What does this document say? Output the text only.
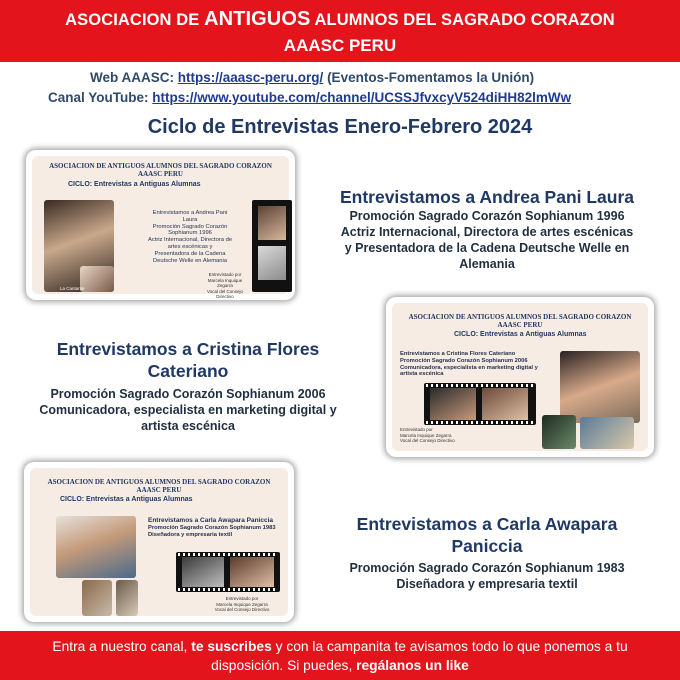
ASOCIACION DE ANTIGUOS ALUMNOS DEL SAGRADO CORAZON
AAASC PERU
Web AAASC: https://aaasc-peru.org/ (Eventos-Fomentamos la Unión)
Canal YouTube: https://www.youtube.com/channel/UCSSJfvxcyV524diHH82lmWw
Ciclo de Entrevistas Enero-Febrero 2024
ASOCIACION DE ANTIGUOS ALUMNOS DEL SAGRADO CORAZON
AAASC PERU
CICLO: Entrevistas a Antiguas Alumnas
La Cantante
Entrevistamos a Andrea Pani
Laura
Promoción Sagrado Corazón
Sophianum 1996
Actriz Internacional, Directora de
artes escénicas y
Presentadora de la Cadena
Deutsche Welle en Alemania
Entrevistado por
Marcela Inquique Zegarra
Vocal del Consejo Directivo
Entrevistamos a Andrea Pani Laura
Promoción Sagrado Corazón Sophianum 1996
Actriz Internacional, Directora de artes escénicas
y Presentadora de la Cadena Deutsche Welle en
Alemania
ASOCIACION DE ANTIGUOS ALUMNOS DEL SAGRADO CORAZON
AAASC PERU
CICLO: Entrevistas a Antiguas Alumnas
Entrevistamos a Cristina Flores Cateriano
Promoción Sagrado Corazón Sophianum 2006
Comunicadora, especialista en marketing digital y
artista escénica
Entrevistado por
Marcela Inquique Zegarra
Vocal del Consejo Directivo
Entrevistamos a Cristina Flores
Cateriano
Promoción Sagrado Corazón Sophianum 2006
Comunicadora, especialista en marketing digital y
artista escénica
ASOCIACION DE ANTIGUOS ALUMNOS DEL SAGRADO CORAZON
AAASC PERU
CICLO: Entrevistas a Antiguas Alumnas
Entrevistamos a Carla Awapara Paniccia
Promoción Sagrado Corazón Sophianum 1983
Diseñadora y empresaria textil
Entrevistado por
Marcela Inquique Zegarra
Vocal del Consejo Directivo
Entrevistamos a Carla Awapara
Paniccia
Promoción Sagrado Corazón Sophianum 1983
Diseñadora y empresaria textil
Entra a nuestro canal, te suscribes y con la campanita te avisamos todo lo que ponemos a tu
disposición. Si puedes, regálanos un like
